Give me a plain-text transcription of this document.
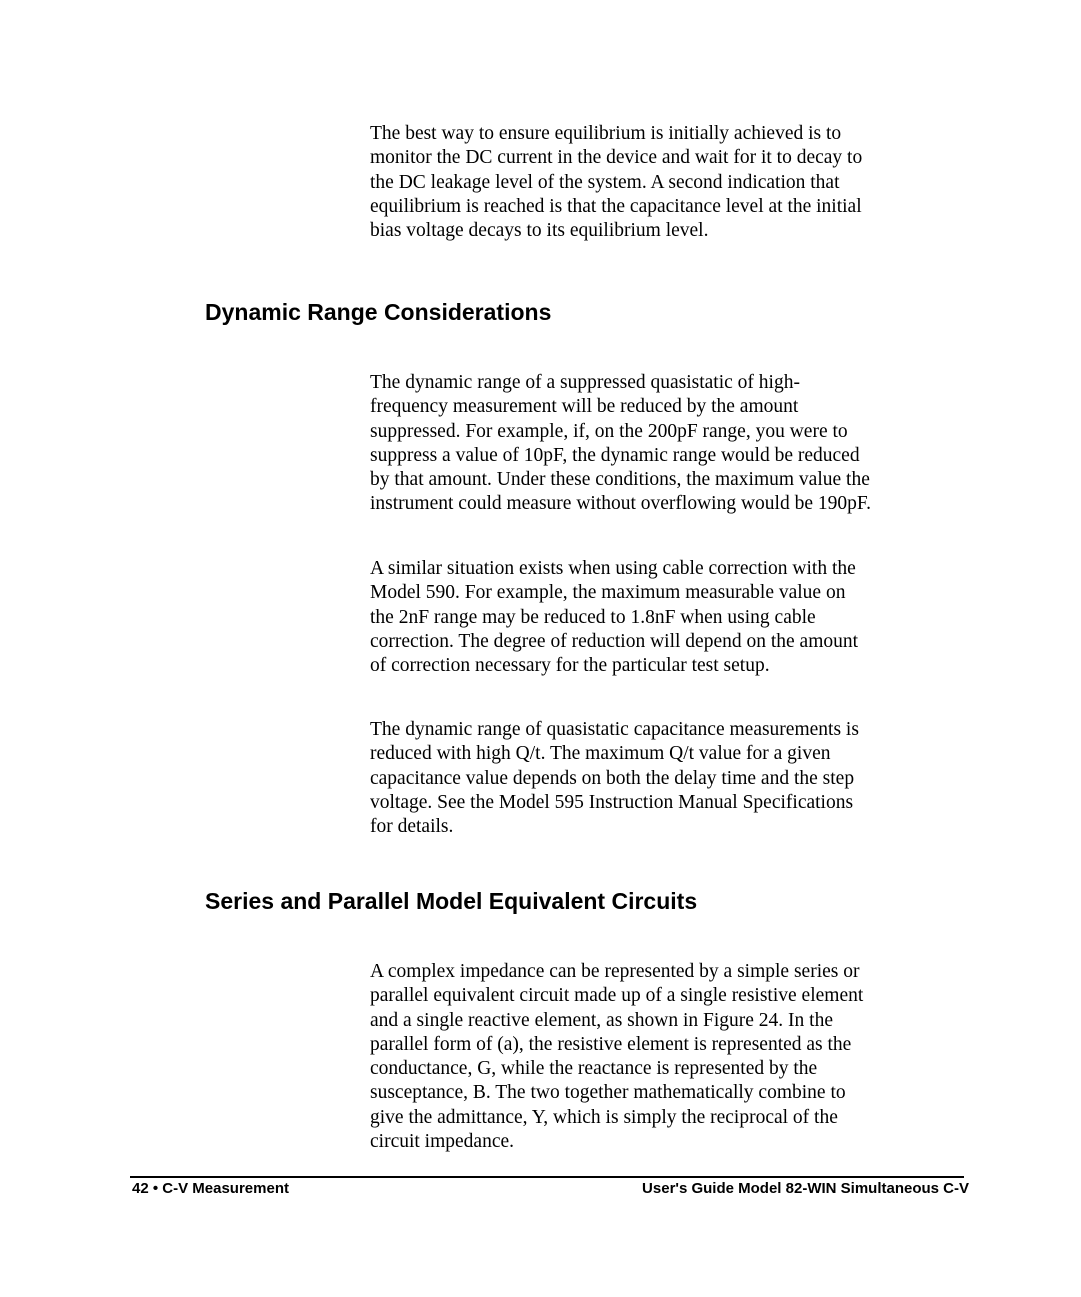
The best way to ensure equilibrium is initially achieved is to
monitor the DC current in the device and wait for it to decay to
the DC leakage level of the system. A second indication that
equilibrium is reached is that the capacitance level at the initial
bias voltage decays to its equilibrium level.

Dynamic Range Considerations

The dynamic range of a suppressed quasistatic of high-
frequency measurement will be reduced by the amount
suppressed. For example, if, on the 200pF range, you were to
suppress a value of 10pF, the dynamic range would be reduced
by that amount. Under these conditions, the maximum value the
instrument could measure without overflowing would be 190pF.

A similar situation exists when using cable correction with the
Model 590. For example, the maximum measurable value on
the 2nF range may be reduced to 1.8nF when using cable
correction. The degree of reduction will depend on the amount
of correction necessary for the particular test setup.

The dynamic range of quasistatic capacitance measurements is
reduced with high Q/t. The maximum Q/t value for a given
capacitance value depends on both the delay time and the step
voltage. See the Model 595 Instruction Manual Specifications
for details.

Series and Parallel Model Equivalent Circuits

A complex impedance can be represented by a simple series or
parallel equivalent circuit made up of a single resistive element
and a single reactive element, as shown in Figure 24. In the
parallel form of (a), the resistive element is represented as the
conductance, G, while the reactance is represented by the
susceptance, B. The two together mathematically combine to
give the admittance, Y, which is simply the reciprocal of the
circuit impedance.

42 • C-V Measurement	User's Guide Model 82-WIN Simultaneous C-V
